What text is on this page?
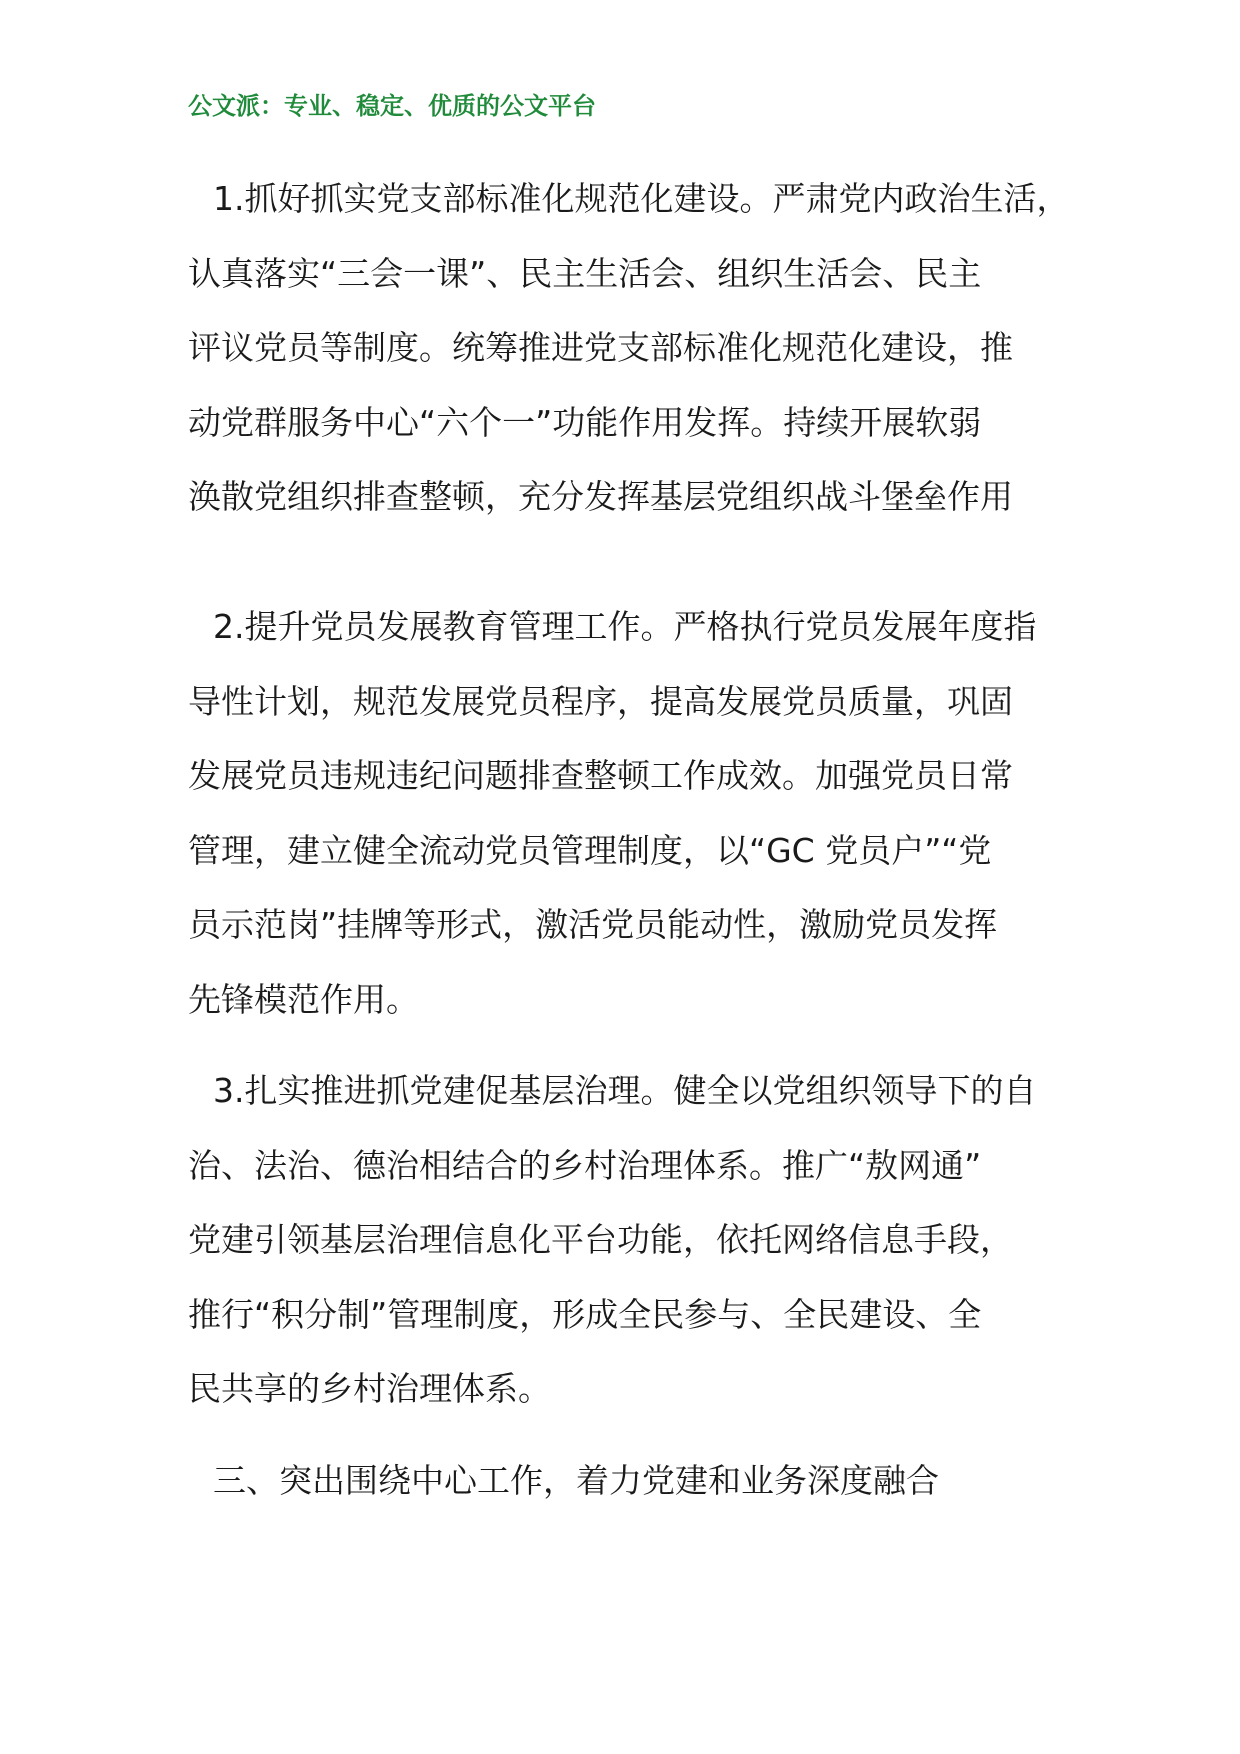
公文派：专业、稳定、优质的公文平台
1.抓好抓实党支部标准化规范化建设。严肃党内政治生活，
认真落实“三会一课”、民主生活会、组织生活会、民主
评议党员等制度。统筹推进党支部标准化规范化建设，推
动党群服务中心“六个一”功能作用发挥。持续开展软弱
涣散党组织排查整顿，充分发挥基层党组织战斗堡垒作用
2.提升党员发展教育管理工作。严格执行党员发展年度指
导性计划，规范发展党员程序，提高发展党员质量，巩固
发展党员违规违纪问题排查整顿工作成效。加强党员日常
管理，建立健全流动党员管理制度，以“GC 党员户”“党
员示范岗”挂牌等形式，激活党员能动性，激励党员发挥
先锋模范作用。
3.扎实推进抓党建促基层治理。健全以党组织领导下的自
治、法治、德治相结合的乡村治理体系。推广“敖网通”
党建引领基层治理信息化平台功能，依托网络信息手段，
推行“积分制”管理制度，形成全民参与、全民建设、全
民共享的乡村治理体系。
三、突出围绕中心工作，着力党建和业务深度融合
